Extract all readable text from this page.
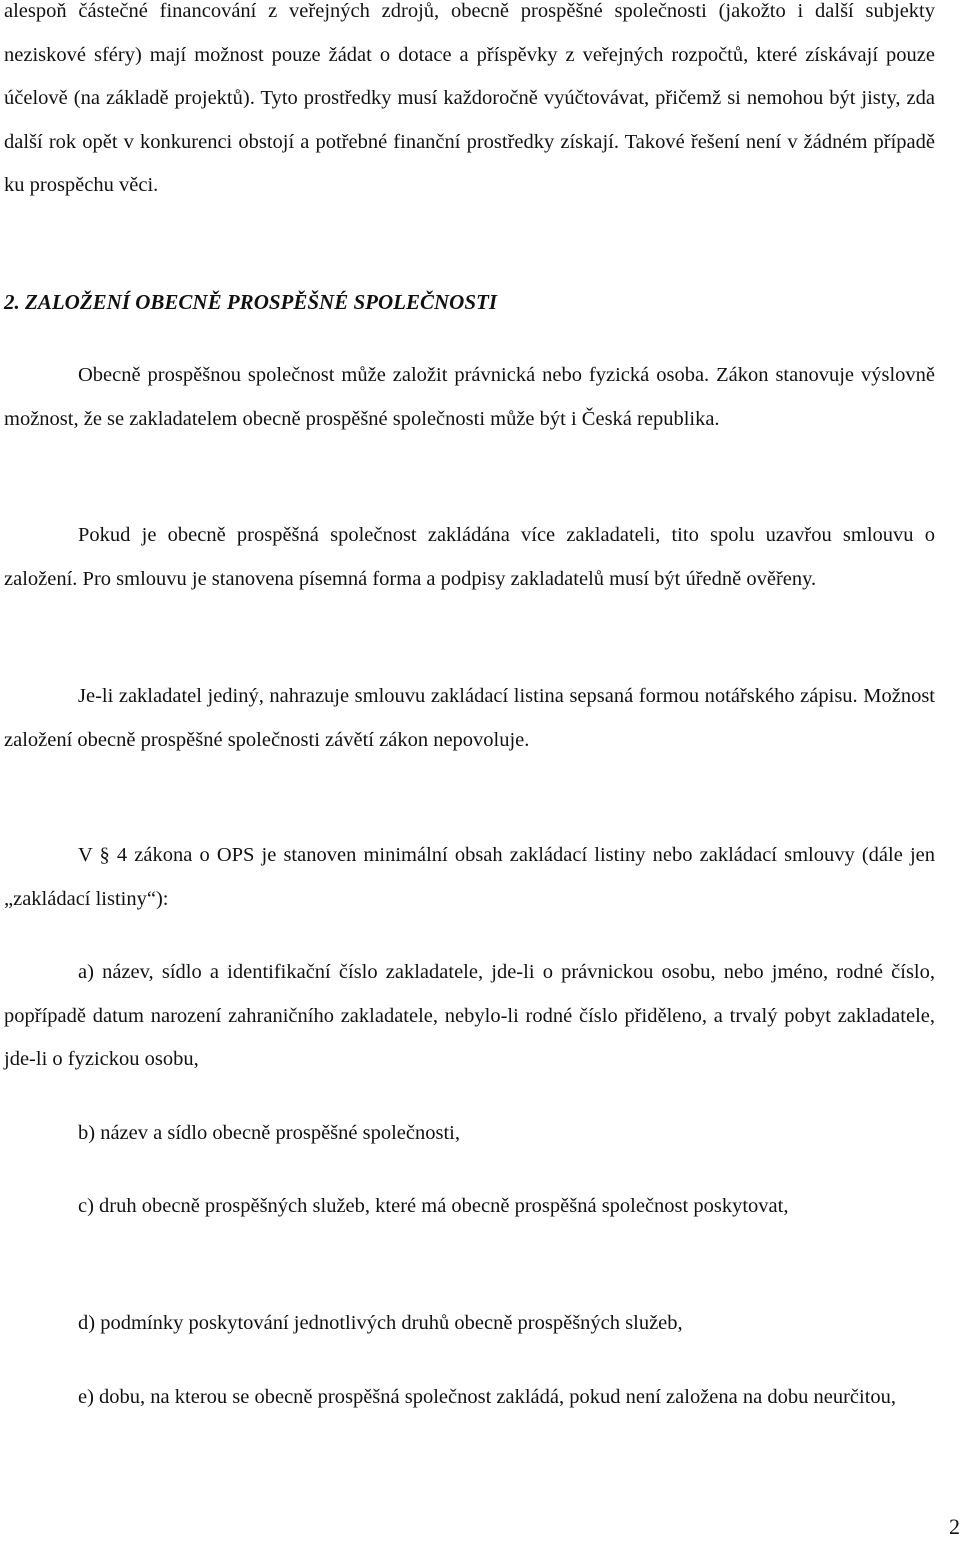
alespoň částečné financování z veřejných zdrojů, obecně prospěšné společnosti (jakožto i další subjekty neziskové sféry) mají možnost pouze žádat o dotace a příspěvky z veřejných rozpočtů, které získávají pouze účelově (na základě projektů). Tyto prostředky musí každoročně vyúčtovávat, přičemž si nemohou být jisty, zda další rok opět v konkurenci obstojí a potřebné finanční prostředky získají. Takové řešení není v žádném případě ku prospěchu věci.

2. ZALOŽENÍ OBECNĚ PROSPĚŠNÉ SPOLEČNOSTI

Obecně prospěšnou společnost může založit právnická nebo fyzická osoba. Zákon stanovuje výslovně možnost, že se zakladatelem obecně prospěšné společnosti může být i Česká republika.

Pokud je obecně prospěšná společnost zakládána více zakladateli, tito spolu uzavřou smlouvu o založení. Pro smlouvu je stanovena písemná forma a podpisy zakladatelů musí být úředně ověřeny.

Je-li zakladatel jediný, nahrazuje smlouvu zakládací listina sepsaná formou notářského zápisu. Možnost založení obecně prospěšné společnosti závětí zákon nepovoluje.

V § 4 zákona o OPS je stanoven minimální obsah zakládací listiny nebo zakládací smlouvy (dále jen „zakládací listiny“):

a) název, sídlo a identifikační číslo zakladatele, jde-li o právnickou osobu, nebo jméno, rodné číslo, popřípadě datum narození zahraničního zakladatele, nebylo-li rodné číslo přiděleno, a trvalý pobyt zakladatele, jde-li o fyzickou osobu,

b) název a sídlo obecně prospěšné společnosti,

c) druh obecně prospěšných služeb, které má obecně prospěšná společnost poskytovat,

d) podmínky poskytování jednotlivých druhů obecně prospěšných služeb,

e) dobu, na kterou se obecně prospěšná společnost zakládá, pokud není založena na dobu neurčitou,

2
